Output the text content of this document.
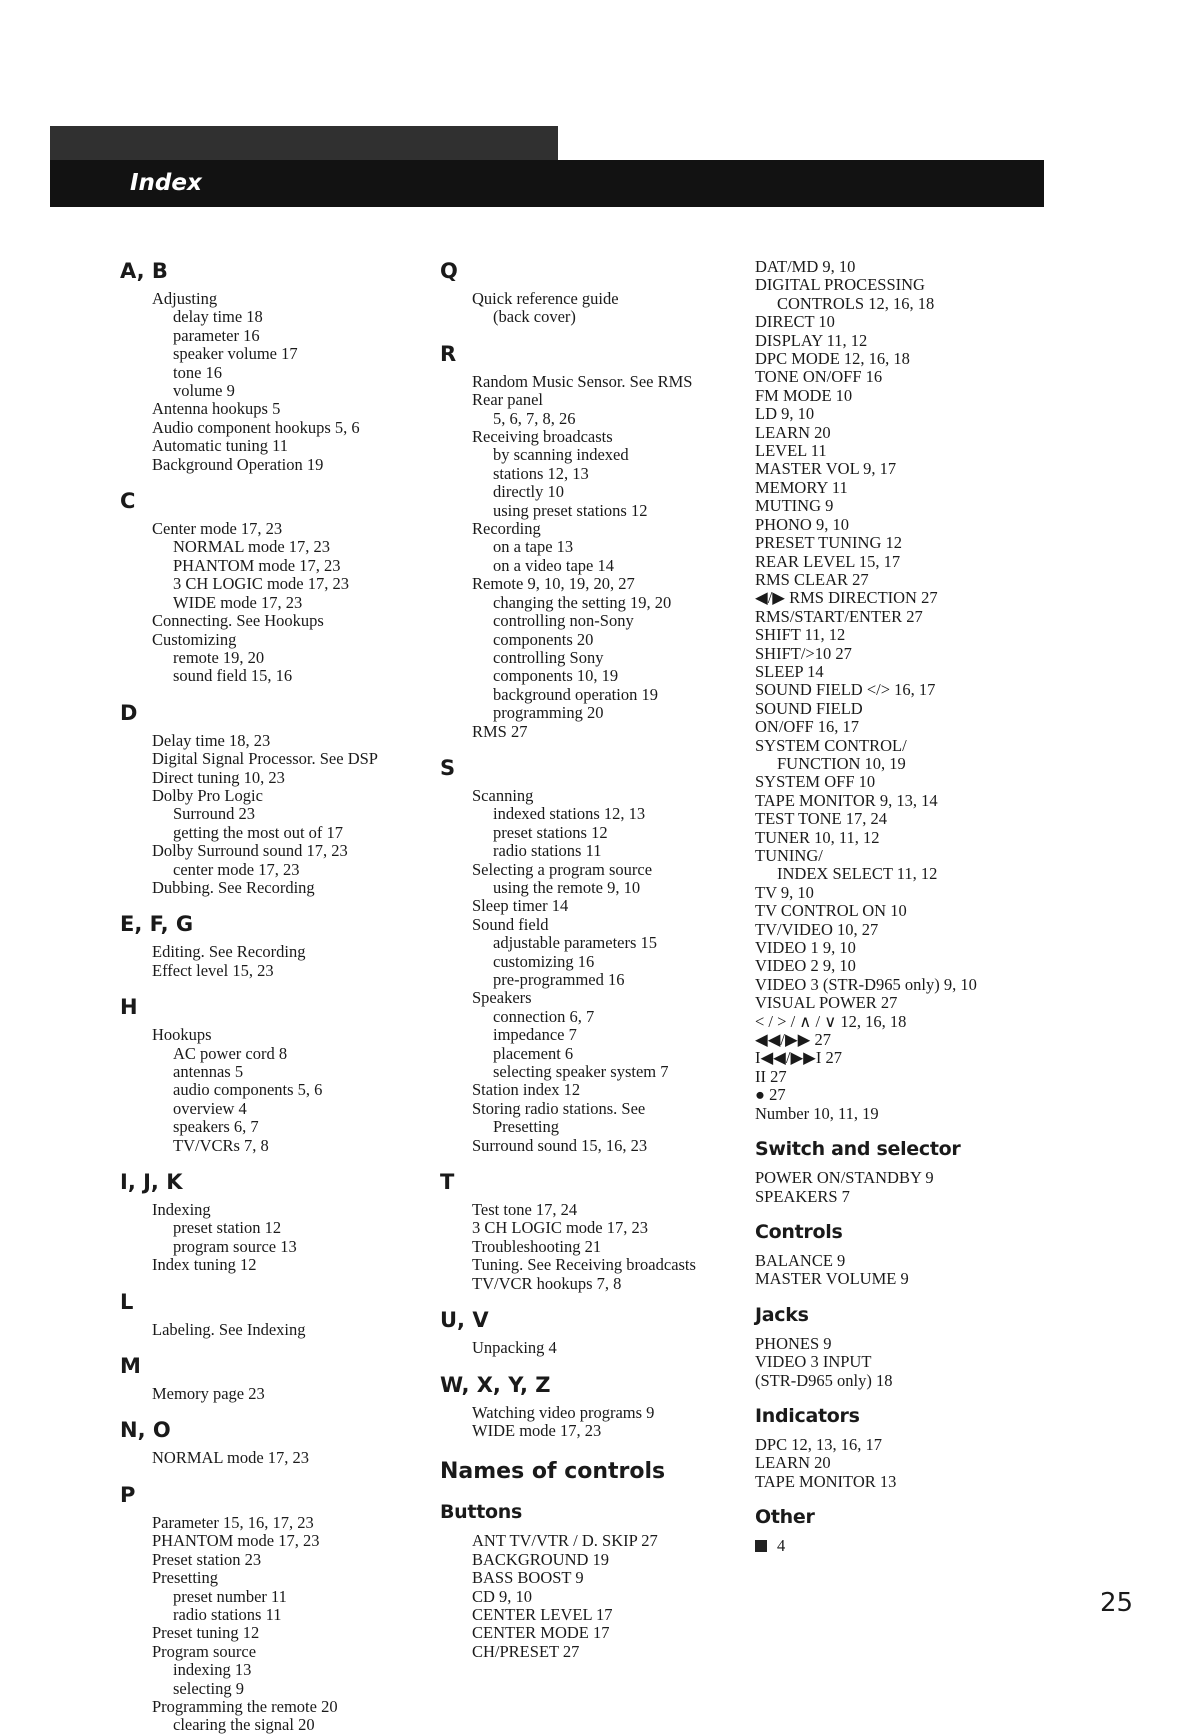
Index
A, B
Adjusting
delay time 18
parameter 16
speaker volume 17
tone 16
volume 9
Antenna hookups 5
Audio component hookups 5, 6
Automatic tuning 11
Background Operation 19
C
Center mode 17, 23
NORMAL mode 17, 23
PHANTOM mode 17, 23
3 CH LOGIC mode 17, 23
WIDE mode 17, 23
Connecting. See Hookups
Customizing
remote 19, 20
sound field 15, 16
D
Delay time 18, 23
Digital Signal Processor. See DSP
Direct tuning 10, 23
Dolby Pro Logic
Surround 23
getting the most out of 17
Dolby Surround sound 17, 23
center mode 17, 23
Dubbing. See Recording
E, F, G
Editing. See Recording
Effect level 15, 23
H
Hookups
AC power cord 8
antennas 5
audio components 5, 6
overview 4
speakers 6, 7
TV/VCRs 7, 8
I, J, K
Indexing
preset station 12
program source 13
Index tuning 12
L
Labeling. See Indexing
M
Memory page 23
N, O
NORMAL mode 17, 23
P
Parameter 15, 16, 17, 23
PHANTOM mode 17, 23
Preset station 23
Presetting
preset number 11
radio stations 11
Preset tuning 12
Program source
indexing 13
selecting 9
Programming the remote 20
clearing the signal 20
Q
Quick reference guide
(back cover)
R
Random Music Sensor. See RMS
Rear panel
5, 6, 7, 8, 26
Receiving broadcasts
by scanning indexed
stations 12, 13
directly 10
using preset stations 12
Recording
on a tape 13
on a video tape 14
Remote 9, 10, 19, 20, 27
changing the setting 19, 20
controlling non-Sony
components 20
controlling Sony
components 10, 19
background operation 19
programming 20
RMS 27
S
Scanning
indexed stations 12, 13
preset stations 12
radio stations 11
Selecting a program source
using the remote 9, 10
Sleep timer 14
Sound field
adjustable parameters 15
customizing 16
pre-programmed 16
Speakers
connection 6, 7
impedance 7
placement 6
selecting speaker system 7
Station index 12
Storing radio stations. See
Presetting
Surround sound 15, 16, 23
T
Test tone 17, 24
3 CH LOGIC mode 17, 23
Troubleshooting 21
Tuning. See Receiving broadcasts
TV/VCR hookups 7, 8
U, V
Unpacking 4
W, X, Y, Z
Watching video programs 9
WIDE mode 17, 23
Names of controls
Buttons
ANT TV/VTR / D. SKIP 27
BACKGROUND 19
BASS BOOST 9
CD 9, 10
CENTER LEVEL 17
CENTER MODE 17
CH/PRESET 27
DAT/MD 9, 10
DIGITAL PROCESSING
CONTROLS 12, 16, 18
DIRECT 10
DISPLAY 11, 12
DPC MODE 12, 16, 18
TONE ON/OFF 16
FM MODE 10
LD 9, 10
LEARN 20
LEVEL 11
MASTER VOL 9, 17
MEMORY 11
MUTING 9
PHONO 9, 10
PRESET TUNING 12
REAR LEVEL 15, 17
RMS CLEAR 27
◀/▶ RMS DIRECTION 27
RMS/START/ENTER 27
SHIFT 11, 12
SHIFT/>10 27
SLEEP 14
SOUND FIELD </> 16, 17
SOUND FIELD
ON/OFF 16, 17
SYSTEM CONTROL/
FUNCTION 10, 19
SYSTEM OFF 10
TAPE MONITOR 9, 13, 14
TEST TONE 17, 24
TUNER 10, 11, 12
TUNING/
INDEX SELECT 11, 12
TV 9, 10
TV CONTROL ON 10
TV/VIDEO 10, 27
VIDEO 1 9, 10
VIDEO 2 9, 10
VIDEO 3 (STR-D965 only) 9, 10
VISUAL POWER 27
< / > / ∧ / ∨ 12, 16, 18
◀◀/▶▶ 27
I◀◀/▶▶I 27
II 27
● 27
Number 10, 11, 19
Switch and selector
POWER ON/STANDBY 9
SPEAKERS 7
Controls
BALANCE 9
MASTER VOLUME 9
Jacks
PHONES 9
VIDEO 3 INPUT
(STR-D965 only) 18
Indicators
DPC 12, 13, 16, 17
LEARN 20
TAPE MONITOR 13
Other
4
25
